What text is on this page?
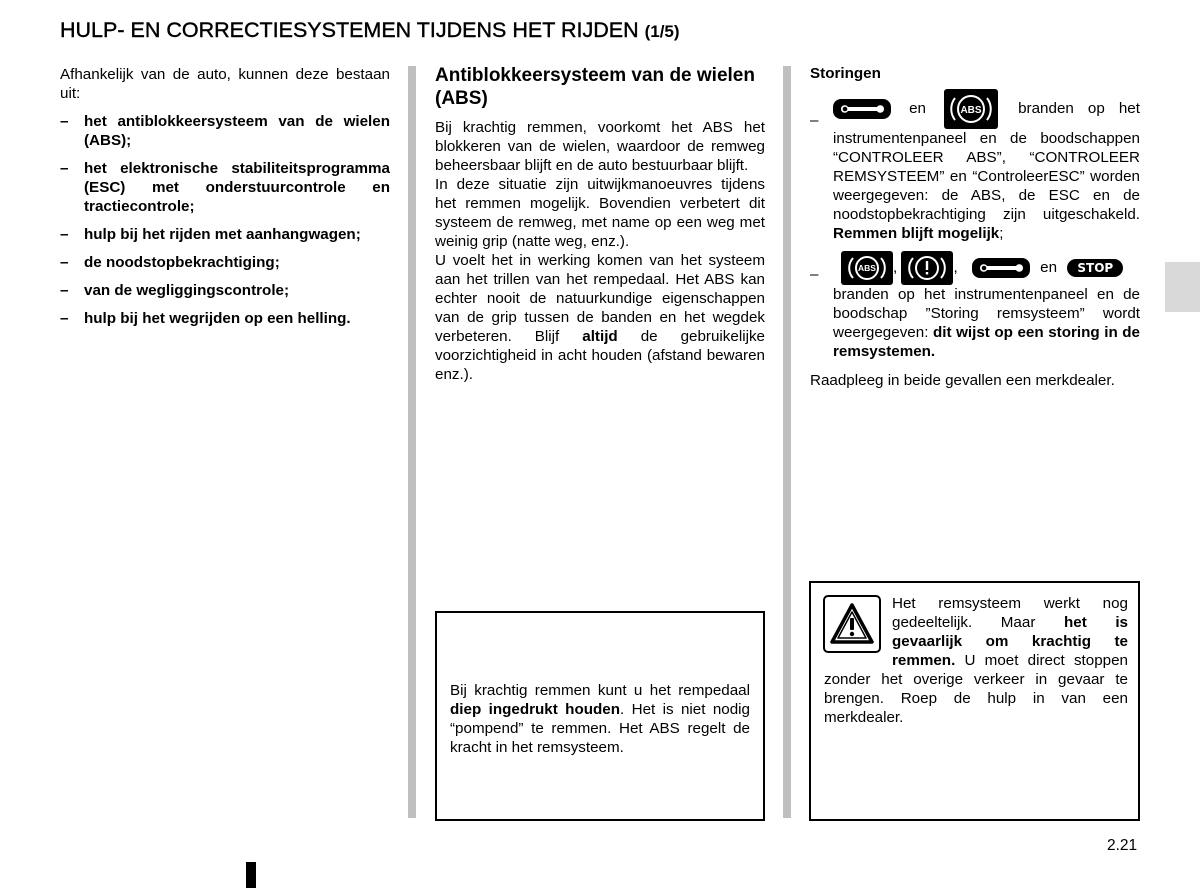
HULP- EN CORRECTIESYSTEMEN TIJDENS HET RIJDEN (1/5)
Afhankelijk van de auto, kunnen deze bestaan uit:
–	het antiblokkeersysteem van de wielen (ABS);
–	het elektronische stabiliteitsprogramma (ESC) met onderstuurcontrole en tractiecontrole;
–	hulp bij het rijden met aanhangwagen;
–	de noodstopbekrachtiging;
–	van de wegliggingscontrole;
–	hulp bij het wegrijden op een helling.
Antiblokkeersysteem van de wielen (ABS)
Bij krachtig remmen, voorkomt het ABS het blokkeren van de wielen, waardoor de remweg beheersbaar blijft en de auto bestuurbaar blijft.
In deze situatie zijn uitwijkmanoeuvres tijdens het remmen mogelijk. Bovendien verbetert dit systeem de remweg, met name op een weg met weinig grip (natte weg, enz.).
U voelt het in werking komen van het systeem aan het trillen van het rempedaal. Het ABS kan echter nooit de natuurkundige eigenschappen van de grip tussen de banden en het wegdek verbeteren. Blijf altijd de gebruikelijke voorzichtigheid in acht houden (afstand bewaren enz.).
Bij krachtig remmen kunt u het rempedaal diep ingedrukt houden. Het is niet nodig “pompend” te remmen. Het ABS regelt de kracht in het remsysteem.
Storingen
–
en	ABS branden op het instrumentenpaneel en de boodschappen “CONTROLEER ABS”, “CONTROLEER REMSYSTEEM” en “ControleerESC” worden weergegeven: de ABS, de ESC en de noodstopbekrachtiging zijn uitgeschakeld. Remmen blijft mogelijk;
–	ABS ,	,	en STOP
branden op het instrumentenpaneel en de boodschap ”Storing remsysteem” wordt weergegeven: dit wijst op een storing in de remsystemen.
Raadpleeg in beide gevallen een merkdealer.
Het remsysteem werkt nog gedeeltelijk. Maar het is gevaarlijk om krachtig te remmen. U moet direct stoppen zonder het overige verkeer in gevaar te brengen. Roep de hulp in van een merkdealer.
2.21
